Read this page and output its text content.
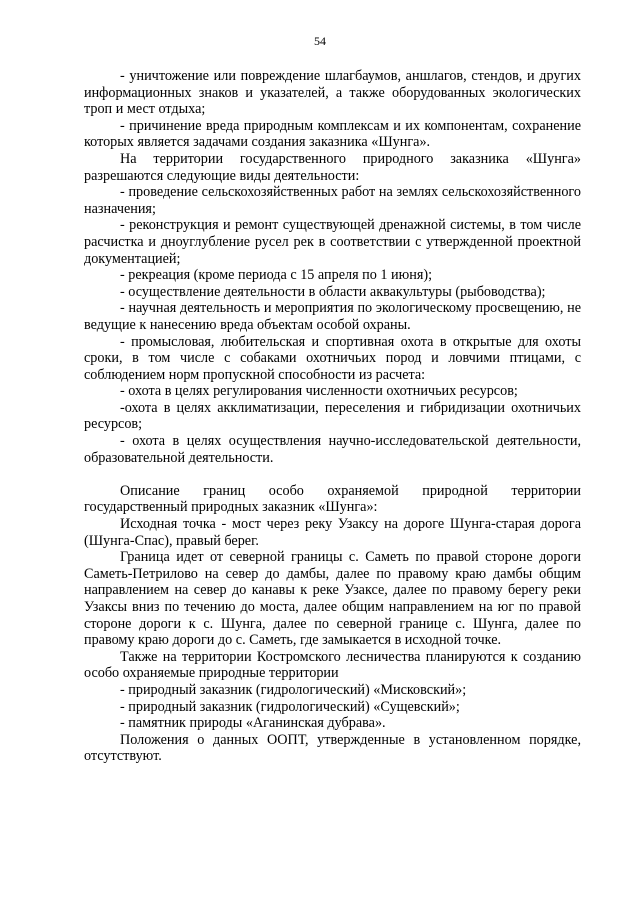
54

- уничтожение или повреждение шлагбаумов, аншлагов, стендов, и других информационных знаков и указателей, а также оборудованных экологических троп и мест отдыха;

- причинение вреда природным комплексам и их компонентам, сохранение которых является задачами создания заказника «Шунга».

На территории государственного природного заказника «Шунга» разрешаются следующие виды деятельности:

- проведение сельскохозяйственных работ на землях сельскохозяйственного назначения;

- реконструкция и ремонт существующей дренажной системы, в том числе расчистка и дноуглубление русел рек в соответствии с утвержденной проектной документацией;

- рекреация (кроме периода с 15 апреля по 1 июня);

- осуществление деятельности в области аквакультуры (рыбоводства);

- научная деятельность и мероприятия по экологическому просвещению, не ведущие к нанесению вреда объектам особой охраны.

- промысловая, любительская и спортивная охота в открытые для охоты сроки, в том числе с собаками охотничьих пород и ловчими птицами, с соблюдением норм пропускной способности из расчета:

- охота в целях регулирования численности охотничьих ресурсов;

-охота в целях акклиматизации, переселения и гибридизации охотничьих ресурсов;

- охота в целях осуществления научно-исследовательской деятельности, образовательной деятельности.

Описание границ особо охраняемой природной территории государственный природных заказник «Шунга»:

Исходная точка - мост через реку Узаксу на дороге Шунга-старая дорога (Шунга-Спас), правый берег.

Граница идет от северной границы с. Саметь по правой стороне дороги Саметь-Петрилово на север до дамбы, далее по правому краю дамбы общим направлением на север до канавы к реке Узаксе, далее по правому берегу реки Узаксы вниз по течению до моста, далее общим направлением на юг по правой стороне дороги к с. Шунга, далее по северной границе с. Шунга, далее по правому краю дороги до с. Саметь, где замыкается в исходной точке.

Также на территории Костромского лесничества планируются к созданию особо охраняемые природные территории

- природный заказник (гидрологический) «Мисковский»;

- природный заказник (гидрологический) «Сущевский»;

- памятник природы «Аганинская дубрава».

Положения о данных ООПТ, утвержденные в установленном порядке, отсутствуют.
